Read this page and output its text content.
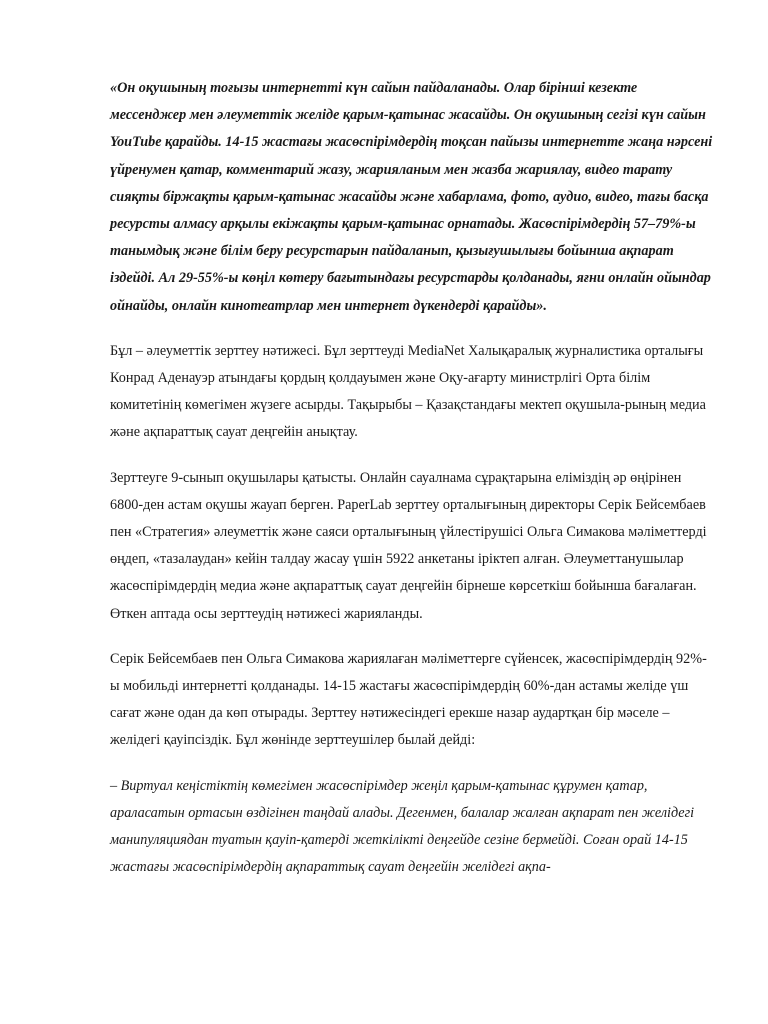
«Он оқушының тоғызы интернетті күн сайын пайдаланады. Олар бірінші кезекте мессенджер мен әлеуметтік желіде қарым-қатынас жасайды. Он оқушының сегізі күн сайын YouTube қарайды. 14-15 жастағы жасөспірімдердің тоқсан пайызы интернетте жаңа нәрсені үйренумен қатар, комментарий жазу, жарияланым мен жазба жариялау, видео тарату сияқты біржақты қарым-қатынас жасайды және хабарлама, фото, аудио, видео, тағы басқа ресурсты алмасу арқылы екіжақты қарым-қатынас орнатады. Жасөспірімдердің 57–79%-ы танымдық және білім беру ресурстарын пайдаланып, қызығушылығы бойынша ақпарат іздейді. Ал 29-55%-ы көңіл көтеру бағытындағы ресурстарды қолданады, яғни онлайн ойындар ойнайды, онлайн кинотеатрлар мен интернет дүкендерді қарайды».

Бұл – әлеуметтік зерттеу нәтижесі. Бұл зерттеуді MediaNet Халықаралық журналистика орталығы Конрад Аденауэр атындағы қордың қолдауымен және Оқу-ағарту министрлігі Орта білім комитетінің көмегімен жүзеге асырды. Тақырыбы – Қазақстандағы мектеп оқушыла-рының медиа және ақпараттық сауат деңгейін анықтау.

Зерттеуге 9-сынып оқушылары қатысты. Онлайн сауалнама сұрақтарына еліміздің әр өңірінен 6800-ден астам оқушы жауап берген. PaperLab зерттеу орталығының директоры Серік Бейсембаев пен «Стратегия» әлеуметтік және саяси орталығының үйлестірушісі Ольга Симакова мәліметтерді өңдеп, «тазалаудан» кейін талдау жасау үшін 5922 анкетаны іріктеп алған. Әлеуметтанушылар жасөспірімдердің медиа және ақпараттық сауат деңгейін бірнеше көрсеткіш бойынша бағалаған. Өткен аптада осы зерттеудің нәтижесі жарияланды.

Серік Бейсембаев пен Ольга Симакова жариялаған мәліметтерге сүйенсек, жасөспірімдердің 92%-ы мобильді интернетті қолданады. 14-15 жастағы жасөспірімдердің 60%-дан астамы желіде үш сағат және одан да көп отырады. Зерттеу нәтижесіндегі ерекше назар аудартқан бір мәселе – желідегі қауіпсіздік. Бұл жөнінде зерттеушілер былай дейді:

– Виртуал кеңістіктің көмегімен жасөспірімдер жеңіл қарым-қатынас құрумен қатар, араласатын ортасын өздігінен таңдай алады. Дегенмен, балалар жалған ақпарат пен желідегі манипуляциядан туатын қауіп-қатерді жеткілікті деңгейде сезіне бермейді. Соған орай 14-15 жастағы жасөспірімдердің ақпараттық сауат деңгейін желідегі ақпа-
